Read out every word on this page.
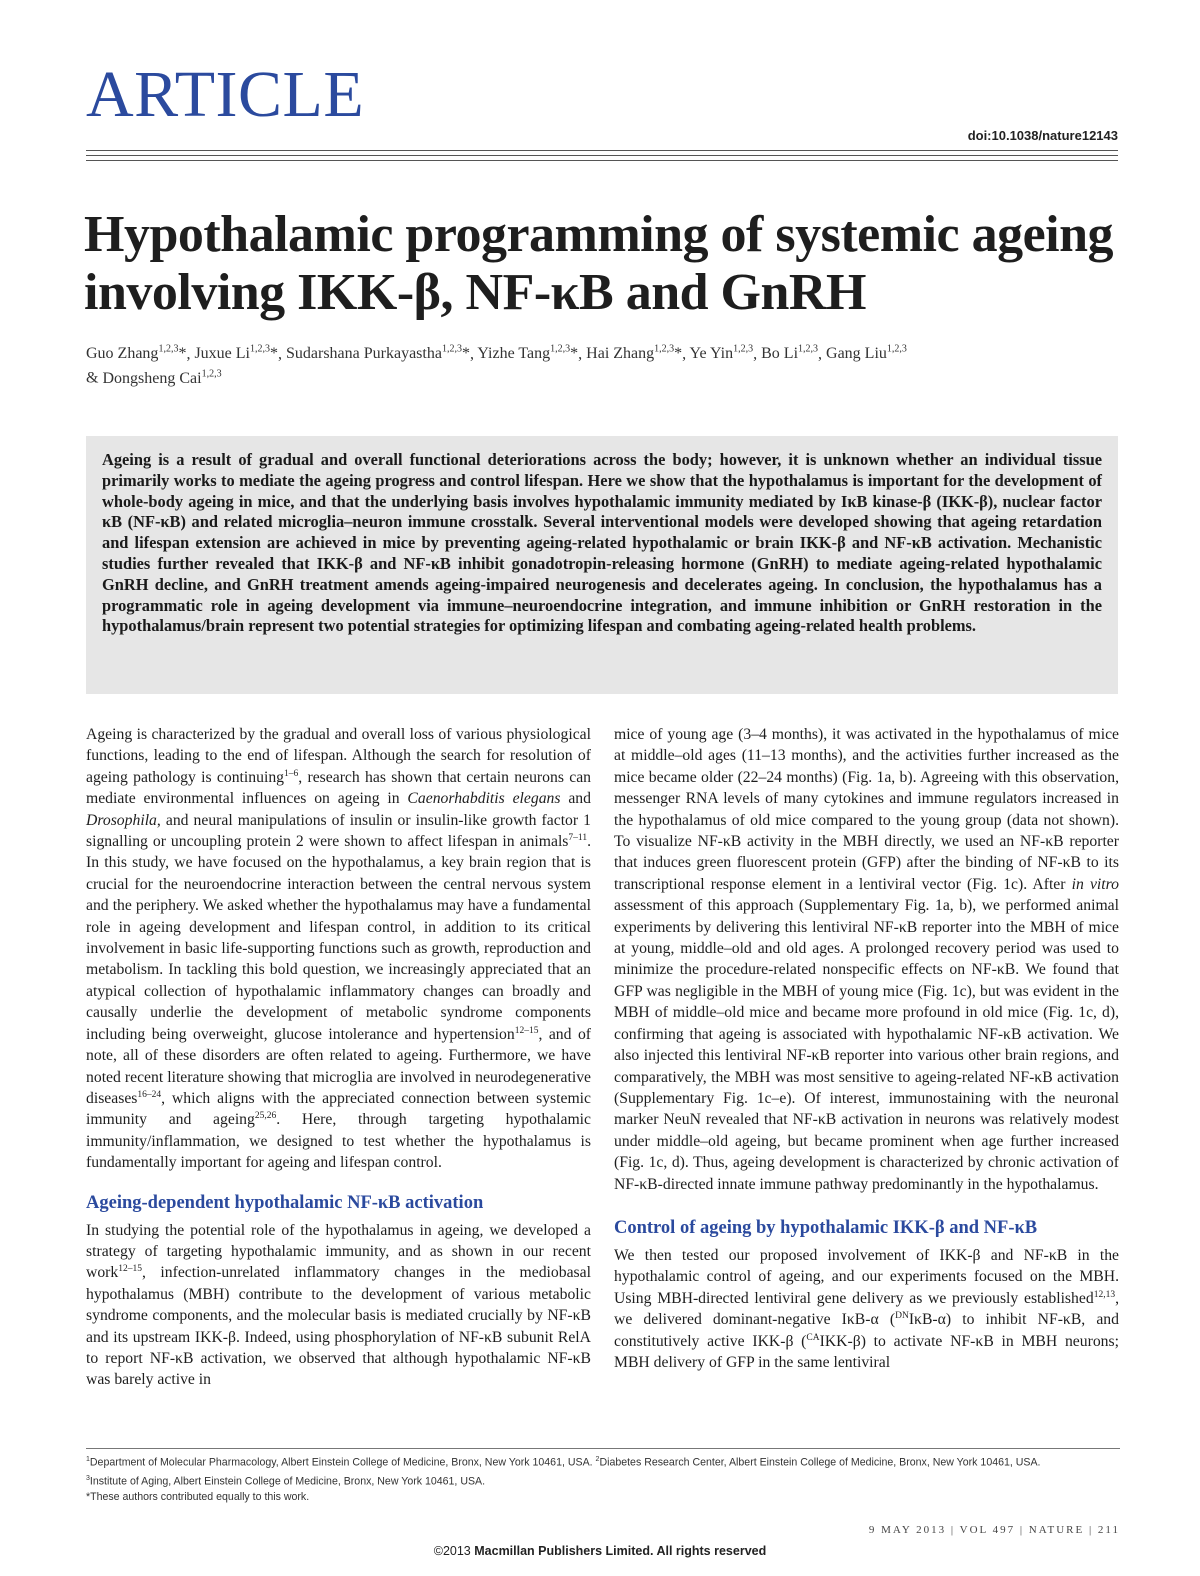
ARTICLE
doi:10.1038/nature12143
Hypothalamic programming of systemic ageing involving IKK-β, NF-κB and GnRH
Guo Zhang$^{1,2,3}$*, Juxue Li$^{1,2,3}$*, Sudarshana Purkayastha$^{1,2,3}$*, Yizhe Tang$^{1,2,3}$*, Hai Zhang$^{1,2,3}$*, Ye Yin$^{1,2,3}$, Bo Li$^{1,2,3}$, Gang Liu$^{1,2,3}$
& Dongsheng Cai$^{1,2,3}$

Ageing is a result of gradual and overall functional deteriorations across the body; however, it is unknown whether an individual tissue primarily works to mediate the ageing progress and control lifespan. Here we show that the hypothalamus is important for the development of whole-body ageing in mice, and that the underlying basis involves hypothalamic immunity mediated by IκB kinase-β (IKK-β), nuclear factor κB (NF-κB) and related microglia–neuron immune crosstalk. Several interventional models were developed showing that ageing retardation and lifespan extension are achieved in mice by preventing ageing-related hypothalamic or brain IKK-β and NF-κB activation. Mechanistic studies further revealed that IKK-β and NF-κB inhibit gonadotropin-releasing hormone (GnRH) to mediate ageing-related hypothalamic GnRH decline, and GnRH treatment amends ageing-impaired neurogenesis and decelerates ageing. In conclusion, the hypothalamus has a programmatic role in ageing development via immune–neuroendocrine integration, and immune inhibition or GnRH restoration in the hypothalamus/brain represent two potential strategies for optimizing lifespan and combating ageing-related health problems.

Ageing is characterized by the gradual and overall loss of various physiological functions, leading to the end of lifespan. Although the search for resolution of ageing pathology is continuing$^{1-6}$, research has shown that certain neurons can mediate environmental influences on ageing in Caenorhabditis elegans and Drosophila, and neural manipulations of insulin or insulin-like growth factor 1 signalling or uncoupling protein 2 were shown to affect lifespan in animals$^{7-11}$. In this study, we have focused on the hypothalamus, a key brain region that is crucial for the neuroendocrine interaction between the central nervous system and the periphery. We asked whether the hypothalamus may have a fundamental role in ageing development and lifespan control, in addition to its critical involvement in basic life-supporting functions such as growth, reproduction and metabolism. In tackling this bold question, we increasingly appreciated that an atypical collection of hypothalamic inflammatory changes can broadly and causally underlie the development of metabolic syndrome components including being overweight, glucose intolerance and hypertension$^{12-15}$, and of note, all of these disorders are often related to ageing. Furthermore, we have noted recent literature showing that microglia are involved in neurodegenerative diseases$^{16-24}$, which aligns with the appreciated connection between systemic immunity and ageing$^{25,26}$. Here, through targeting hypothalamic immunity/inflammation, we designed to test whether the hypothalamus is fundamentally important for ageing and lifespan control.

Ageing-dependent hypothalamic NF-κB activation

In studying the potential role of the hypothalamus in ageing, we developed a strategy of targeting hypothalamic immunity, and as shown in our recent work$^{12-15}$, infection-unrelated inflammatory changes in the mediobasal hypothalamus (MBH) contribute to the development of various metabolic syndrome components, and the molecular basis is mediated crucially by NF-κB and its upstream IKK-β. Indeed, using phosphorylation of NF-κB subunit RelA to report NF-κB activation, we observed that although hypothalamic NF-κB was barely active in

mice of young age (3–4 months), it was activated in the hypothalamus of mice at middle–old ages (11–13 months), and the activities further increased as the mice became older (22–24 months) (Fig. 1a, b). Agreeing with this observation, messenger RNA levels of many cytokines and immune regulators increased in the hypothalamus of old mice compared to the young group (data not shown). To visualize NF-κB activity in the MBH directly, we used an NF-κB reporter that induces green fluorescent protein (GFP) after the binding of NF-κB to its transcriptional response element in a lentiviral vector (Fig. 1c). After in vitro assessment of this approach (Supplementary Fig. 1a, b), we performed animal experiments by delivering this lentiviral NF-κB reporter into the MBH of mice at young, middle–old and old ages. A prolonged recovery period was used to minimize the procedure-related nonspecific effects on NF-κB. We found that GFP was negligible in the MBH of young mice (Fig. 1c), but was evident in the MBH of middle–old mice and became more profound in old mice (Fig. 1c, d), confirming that ageing is associated with hypothalamic NF-κB activation. We also injected this lentiviral NF-κB reporter into various other brain regions, and comparatively, the MBH was most sensitive to ageing-related NF-κB activation (Supplementary Fig. 1c–e). Of interest, immunostaining with the neuronal marker NeuN revealed that NF-κB activation in neurons was relatively modest under middle–old ageing, but became prominent when age further increased (Fig. 1c, d). Thus, ageing development is characterized by chronic activation of NF-κB-directed innate immune pathway predominantly in the hypothalamus.

Control of ageing by hypothalamic IKK-β and NF-κB

We then tested our proposed involvement of IKK-β and NF-κB in the hypothalamic control of ageing, and our experiments focused on the MBH. Using MBH-directed lentiviral gene delivery as we previously established$^{12,13}$, we delivered dominant-negative IκB-α ($^{DN}$IκB-α) to inhibit NF-κB, and constitutively active IKK-β ($^{CA}$IKK-β) to activate NF-κB in MBH neurons; MBH delivery of GFP in the same lentiviral

$^1$Department of Molecular Pharmacology, Albert Einstein College of Medicine, Bronx, New York 10461, USA. $^2$Diabetes Research Center, Albert Einstein College of Medicine, Bronx, New York 10461, USA.

$^3$Institute of Aging, Albert Einstein College of Medicine, Bronx, New York 10461, USA.

*These authors contributed equally to this work.

9 MAY 2013 | VOL 497 | NATURE | 211
©2013 Macmillan Publishers Limited. All rights reserved
